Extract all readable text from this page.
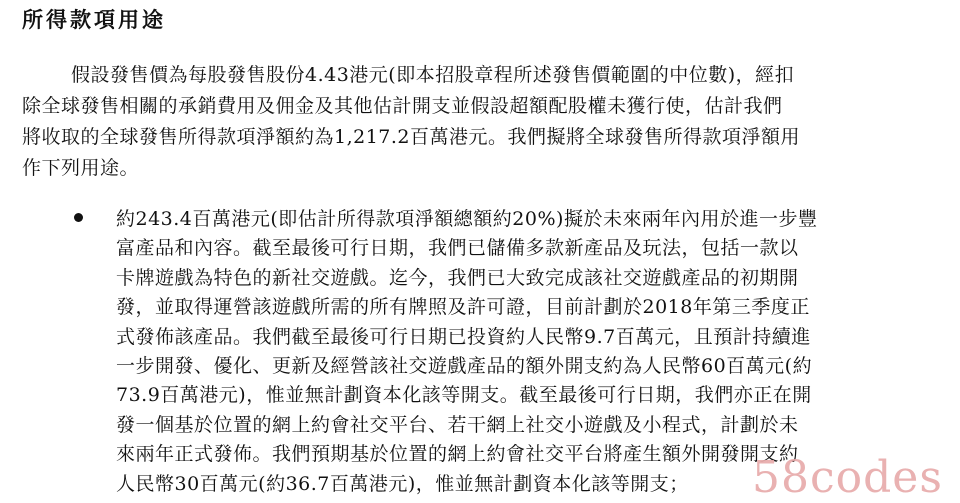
所得款項用途

假設發售價為每股發售股份4.43港元(即本招股章程所述發售價範圍的中位數)，經扣
除全球發售相關的承銷費用及佣金及其他估計開支並假設超額配股權未獲行使，估計我們
將收取的全球發售所得款項淨額約為1,217.2百萬港元。我們擬將全球發售所得款項淨額用
作下列用途。

約243.4百萬港元(即估計所得款項淨額總額約20%)擬於未來兩年內用於進一步豐
富產品和內容。截至最後可行日期，我們已儲備多款新產品及玩法，包括一款以
卡牌遊戲為特色的新社交遊戲。迄今，我們已大致完成該社交遊戲產品的初期開
發，並取得運營該遊戲所需的所有牌照及許可證，目前計劃於2018年第三季度正
式發佈該產品。我們截至最後可行日期已投資約人民幣9.7百萬元，且預計持續進
一步開發、優化、更新及經營該社交遊戲產品的額外開支約為人民幣60百萬元(約
73.9百萬港元)，惟並無計劃資本化該等開支。截至最後可行日期，我們亦正在開
發一個基於位置的網上約會社交平台、若干網上社交小遊戲及小程式，計劃於未
來兩年正式發佈。我們預期基於位置的網上約會社交平台將產生額外開發開支約
人民幣30百萬元(約36.7百萬港元)，惟並無計劃資本化該等開支；	58codes
